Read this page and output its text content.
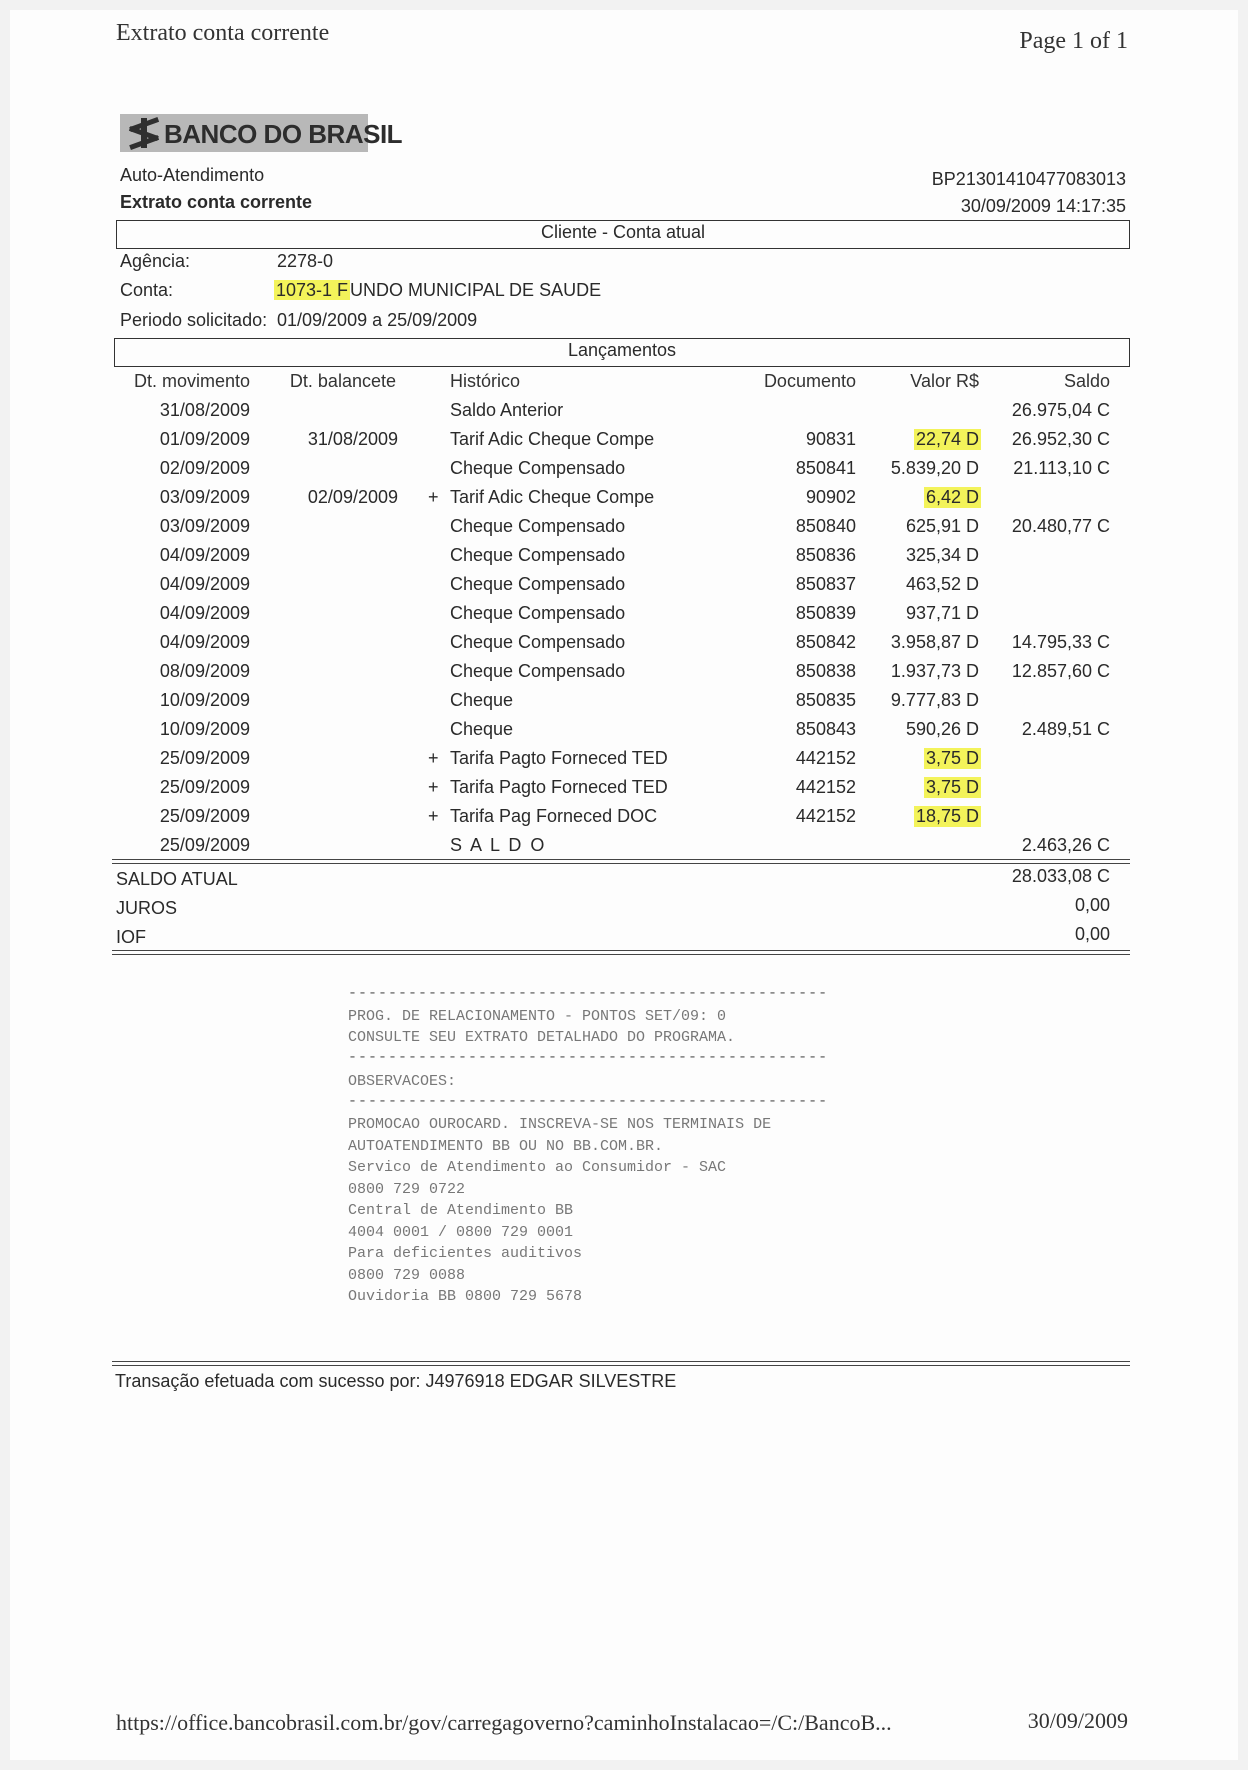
Extrato conta corrente	Page 1 of 1
BANCO DO BRASIL
Auto-Atendimento
Extrato conta corrente
BP21301410477083013
30/09/2009 14:17:35
Cliente - Conta atual
Agência:	2278-0
Conta:	1073-1 F UNDO MUNICIPAL DE SAUDE
Periodo solicitado: 01/09/2009 a 25/09/2009
Lançamentos
Dt. movimento Dt. balancete	Histórico	Documento	Valor R$	Saldo
31/08/2009	Saldo Anterior	26.975,04 C
01/09/2009	31/08/2009	Tarif Adic Cheque Compe	90831	22,74 D 26.952,30 C
02/09/2009	Cheque Compensado	850841 5.839,20 D 21.113,10 C
03/09/2009	02/09/2009 + Tarif Adic Cheque Compe	90902	6,42 D
03/09/2009	Cheque Compensado	850840	625,91 D 20.480,77 C
04/09/2009	Cheque Compensado	850836	325,34 D
04/09/2009	Cheque Compensado	850837	463,52 D
04/09/2009	Cheque Compensado	850839	937,71 D
04/09/2009	Cheque Compensado	850842 3.958,87 D 14.795,33 C
08/09/2009	Cheque Compensado	850838 1.937,73 D 12.857,60 C
10/09/2009	Cheque	850835 9.777,83 D
10/09/2009	Cheque	850843	590,26 D 2.489,51 C
25/09/2009	+ Tarifa Pagto Forneced TED	442152	3,75 D
25/09/2009	+ Tarifa Pagto Forneced TED	442152	3,75 D
25/09/2009	+ Tarifa Pag Forneced DOC	442152	18,75 D
25/09/2009	S A L D O	2.463,26 C
SALDO ATUAL	28.033,08 C
JUROS	0,00
IOF	0,00
------------------------------------------------
PROG. DE RELACIONAMENTO - PONTOS SET/09: 0
CONSULTE SEU EXTRATO DETALHADO DO PROGRAMA.
------------------------------------------------
OBSERVACOES:
------------------------------------------------
PROMOCAO OUROCARD. INSCREVA-SE NOS TERMINAIS DE
AUTOATENDIMENTO BB OU NO BB.COM.BR.
Servico de Atendimento ao Consumidor - SAC
0800 729 0722
Central de Atendimento BB
4004 0001 / 0800 729 0001
Para deficientes auditivos
0800 729 0088
Ouvidoria BB 0800 729 5678
Transação efetuada com sucesso por: J4976918 EDGAR SILVESTRE
https://office.bancobrasil.com.br/gov/carregagoverno?caminhoInstalacao=/C:/BancoB...	30/09/2009
